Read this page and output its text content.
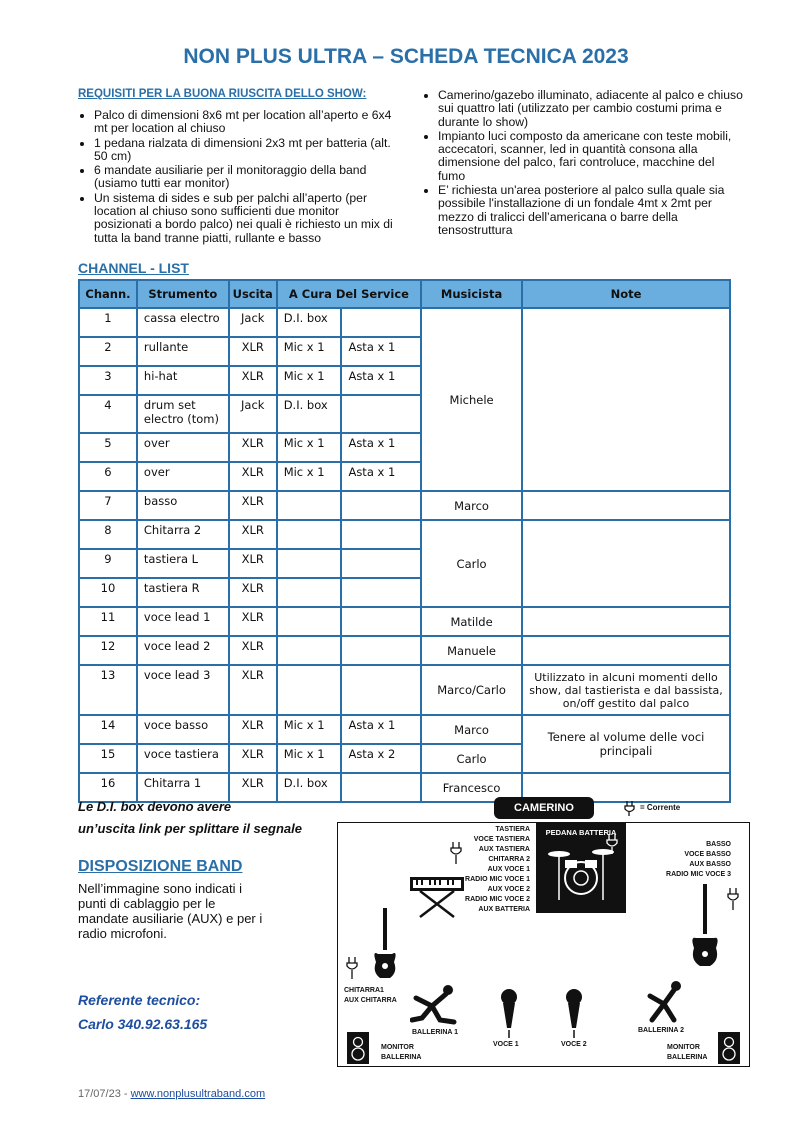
NON PLUS ULTRA – SCHEDA TECNICA 2023
REQUISITI PER LA BUONA RIUSCITA DELLO SHOW:
• Palco di dimensioni 8x6 mt per location all’aperto e 6x4 mt per location al chiuso
• 1 pedana rialzata di dimensioni 2x3 mt per batteria (alt. 50 cm)
• 6 mandate ausiliarie per il monitoraggio della band (usiamo tutti ear monitor)
• Un sistema di sides e sub per palchi all’aperto (per location al chiuso sono sufficienti due monitor posizionati a bordo palco) nei quali è richiesto un mix di tutta la band tranne piatti, rullante e basso
• Camerino/gazebo illuminato, adiacente al palco e chiuso sui quattro lati (utilizzato per cambio costumi prima e durante lo show)
• Impianto luci composto da americane con teste mobili, accecatori, scanner, led in quantità consona alla dimensione del palco, fari controluce, macchine del fumo
• E’ richiesta un'area posteriore al palco sulla quale sia possibile l'installazione di un fondale 4mt x 2mt per mezzo di tralicci dell’americana o barre della tensostruttura
CHANNEL - LIST
Chann.	Strumento	Uscita	A Cura Del Service		Musicista	Note
1	cassa electro	Jack	D.I. box		Michele	
2	rullante	XLR	Mic x 1	Asta x 1		
3	hi-hat	XLR	Mic x 1	Asta x 1		
4	drum set electro (tom)	Jack	D.I. box			
5	over	XLR	Mic x 1	Asta x 1		
6	over	XLR	Mic x 1	Asta x 1		
7	basso	XLR			Marco	
8	Chitarra 2	XLR			Carlo	
9	tastiera L	XLR				
10	tastiera R	XLR				
11	voce lead 1	XLR			Matilde	
12	voce lead 2	XLR			Manuele	
13	voce lead 3	XLR			Marco/Carlo	Utilizzato in alcuni momenti dello show, dal tastierista e dal bassista, on/off gestito dal palco
14	voce basso	XLR	Mic x 1	Asta x 1	Marco	Tenere al volume delle voci principali
15	voce tastiera	XLR	Mic x 1	Asta x 2	Carlo	
16	Chitarra 1	XLR	D.I. box		Francesco	
Le D.I. box devono avere
un’uscita link per splittare il segnale
DISPOSIZIONE BAND
Nell’immagine sono indicati i punti di cablaggio per le mandate ausiliarie (AUX) e per i radio microfoni.
Referente tecnico:
Carlo 340.92.63.165
17/07/23 - www.nonplusultraband.com
CAMERINO	= Corrente
PEDANA BATTERIA
TASTIERA
VOCE TASTIERA
AUX TASTIERA
CHITARRA 2
AUX VOCE 1
RADIO MIC VOCE 1
AUX VOCE 2
RADIO MIC VOCE 2
AUX BATTERIA
BASSO
VOCE BASSO
AUX BASSO
RADIO MIC VOCE 3
CHITARRA1
AUX CHITARRA
BALLERINA 1	BALLERINA 2
VOCE 1	VOCE 2
MONITOR
BALLERINA
MONITOR
BALLERINA
